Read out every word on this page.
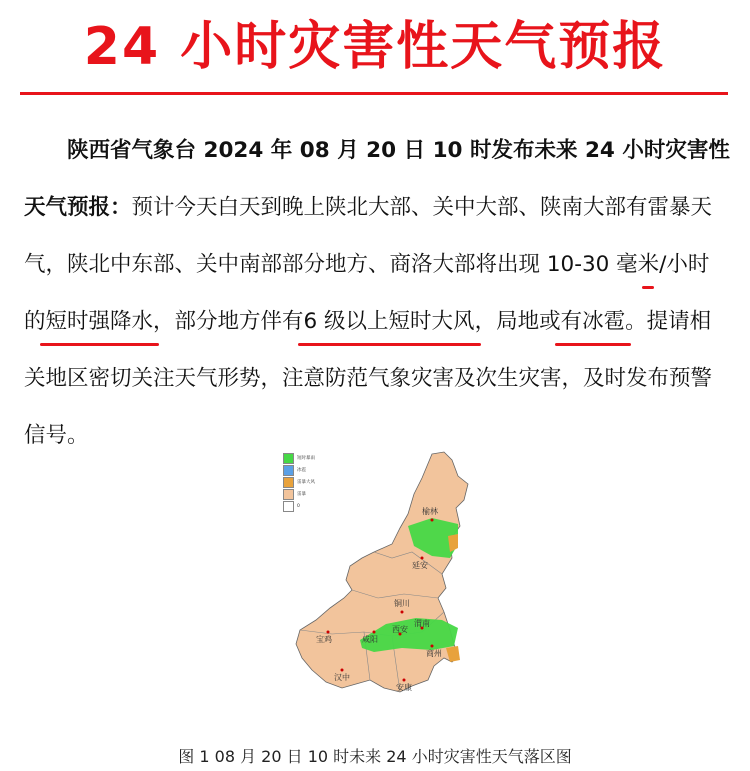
24 小时灾害性天气预报
陕西省气象台 2024 年 08 月 20 日 10 时发布未来 24 小时灾害性天气预报：预计今天白天到晚上陕北大部、关中大部、陕南大部有雷暴天气，陕北中东部、关中南部部分地方、商洛大部将出现 10-30 毫米/小时的短时强降水，部分地方伴有6 级以上短时大风，局地或有冰雹。提请相关地区密切关注天气形势，注意防范气象灾害及次生灾害，及时发布预警信号。
榆林
延安
铜川
宝鸡	咸阳
西安
渭南
商州
汉中
安康
短时暴雨
冰雹
雷暴大风
雷暴
0
图 1 08 月 20 日 10 时未来 24 小时灾害性天气落区图
